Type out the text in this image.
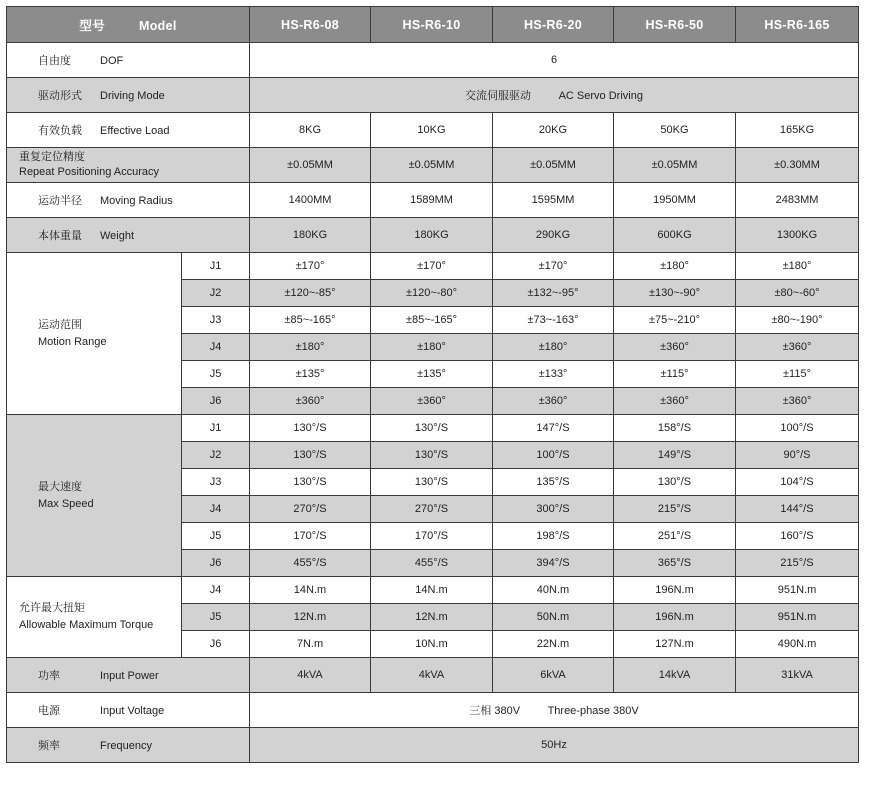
型号 Model		HS-R6-08	HS-R6-10	HS-R6-20	HS-R6-50	HS-R6-165
自由度 DOF		6				
驱动形式 Driving Mode		交流伺服驱动 AC Servo Driving				
有效负载 Effective Load		8KG	10KG	20KG	50KG	165KG
重复定位精度
Repeat Positioning Accuracy		±0.05MM	±0.05MM	±0.05MM	±0.05MM	±0.30MM
运动半径 Moving Radius		1400MM	1589MM	1595MM	1950MM	2483MM
本体重量 Weight		180KG	180KG	290KG	600KG	1300KG
运动范围
Motion Range	J1	±170°	±170°	±170°	±180°	±180°
	J2	±120~-85°	±120~-80°	±132~-95°	±130~-90°	±80~-60°
	J3	±85~-165°	±85~-165°	±73~-163°	±75~-210°	±80~-190°
	J4	±180°	±180°	±180°	±360°	±360°
	J5	±135°	±135°	±133°	±115°	±115°
	J6	±360°	±360°	±360°	±360°	±360°
最大速度
Max Speed	J1	130°/S	130°/S	147°/S	158°/S	100°/S
	J2	130°/S	130°/S	100°/S	149°/S	90°/S
	J3	130°/S	130°/S	135°/S	130°/S	104°/S
	J4	270°/S	270°/S	300°/S	215°/S	144°/S
	J5	170°/S	170°/S	198°/S	251°/S	160°/S
	J6	455°/S	455°/S	394°/S	365°/S	215°/S
允许最大扭矩
Allowable Maximum Torque	J4	14N.m	14N.m	40N.m	196N.m	951N.m
	J5	12N.m	12N.m	50N.m	196N.m	951N.m
	J6	7N.m	10N.m	22N.m	127N.m	490N.m
功率 Input Power		4kVA	4kVA	6kVA	14kVA	31kVA
电源 Input Voltage		三相 380V Three-phase 380V				
频率 Frequency		50Hz				
